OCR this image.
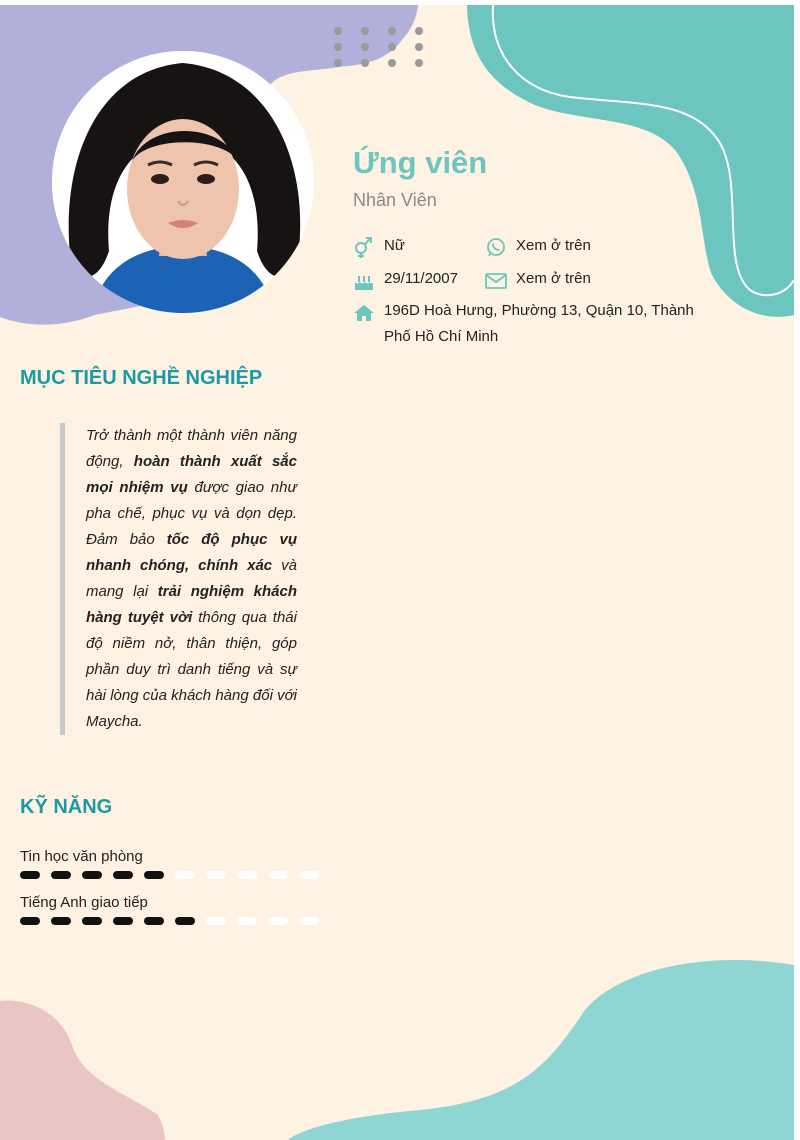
Ứng viên
Nhân Viên
Nữ	Xem ở trên
29/11/2007	Xem ở trên
196D Hoà Hưng, Phường 13, Quận 10, Thành Phố Hồ Chí Minh
MỤC TIÊU NGHỀ NGHIỆP
Trở thành một thành viên năng động, hoàn thành xuất sắc mọi nhiệm vụ được giao như pha chế, phục vụ và dọn dẹp. Đảm bảo tốc độ phục vụ nhanh chóng, chính xác và mang lại trải nghiệm khách hàng tuyệt vời thông qua thái độ niềm nở, thân thiện, góp phần duy trì danh tiếng và sự hài lòng của khách hàng đối với Maycha.
KỸ NĂNG
Tin học văn phòng
Tiếng Anh giao tiếp
